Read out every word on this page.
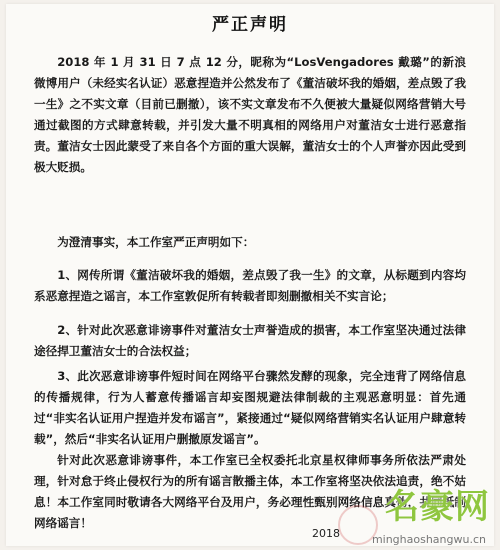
严正声明
2018 年 1 月 31 日 7 点 12 分，昵称为“LosVengadores 戴璐”的新浪微博用户（未经实名认证）恶意捏造并公然发布了《董洁破坏我的婚姻，差点毁了我一生》之不实文章（目前已删撤），该不实文章发布不久便被大量疑似网络营销大号通过截图的方式肆意转载，并引发大量不明真相的网络用户对董洁女士进行恶意指责。董洁女士因此蒙受了来自各个方面的重大误解，董洁女士的个人声誉亦因此受到极大贬损。
为澄清事实，本工作室严正声明如下：
1、网传所谓《董洁破坏我的婚姻，差点毁了我一生》的文章，从标题到内容均系恶意捏造之谣言，本工作室敦促所有转载者即刻删撤相关不实言论；
2、针对此次恶意诽谤事件对董洁女士声誉造成的损害，本工作室坚决通过法律途径捍卫董洁女士的合法权益；
3、此次恶意诽谤事件短时间在网络平台骤然发酵的现象，完全违背了网络信息的传播规律，行为人蓄意传播谣言却妄图规避法律制裁的主观恶意明显：首先通过“非实名认证用户捏造并发布谣言”，紧接通过“疑似网络营销实名认证用户肆意转载”，然后“非实名认证用户删撤原发谣言”。
针对此次恶意诽谤事件，本工作室已全权委托北京星权律师事务所依法严肃处理，针对怠于终止侵权行为的所有谣言散播主体，本工作室将坚决依法追责，绝不姑息！本工作室同时敬请各大网络平台及用户，务必理性甄别网络信息真伪，共同抵制网络谣言！
2018
名豪网
minghaoshangwu.cn
